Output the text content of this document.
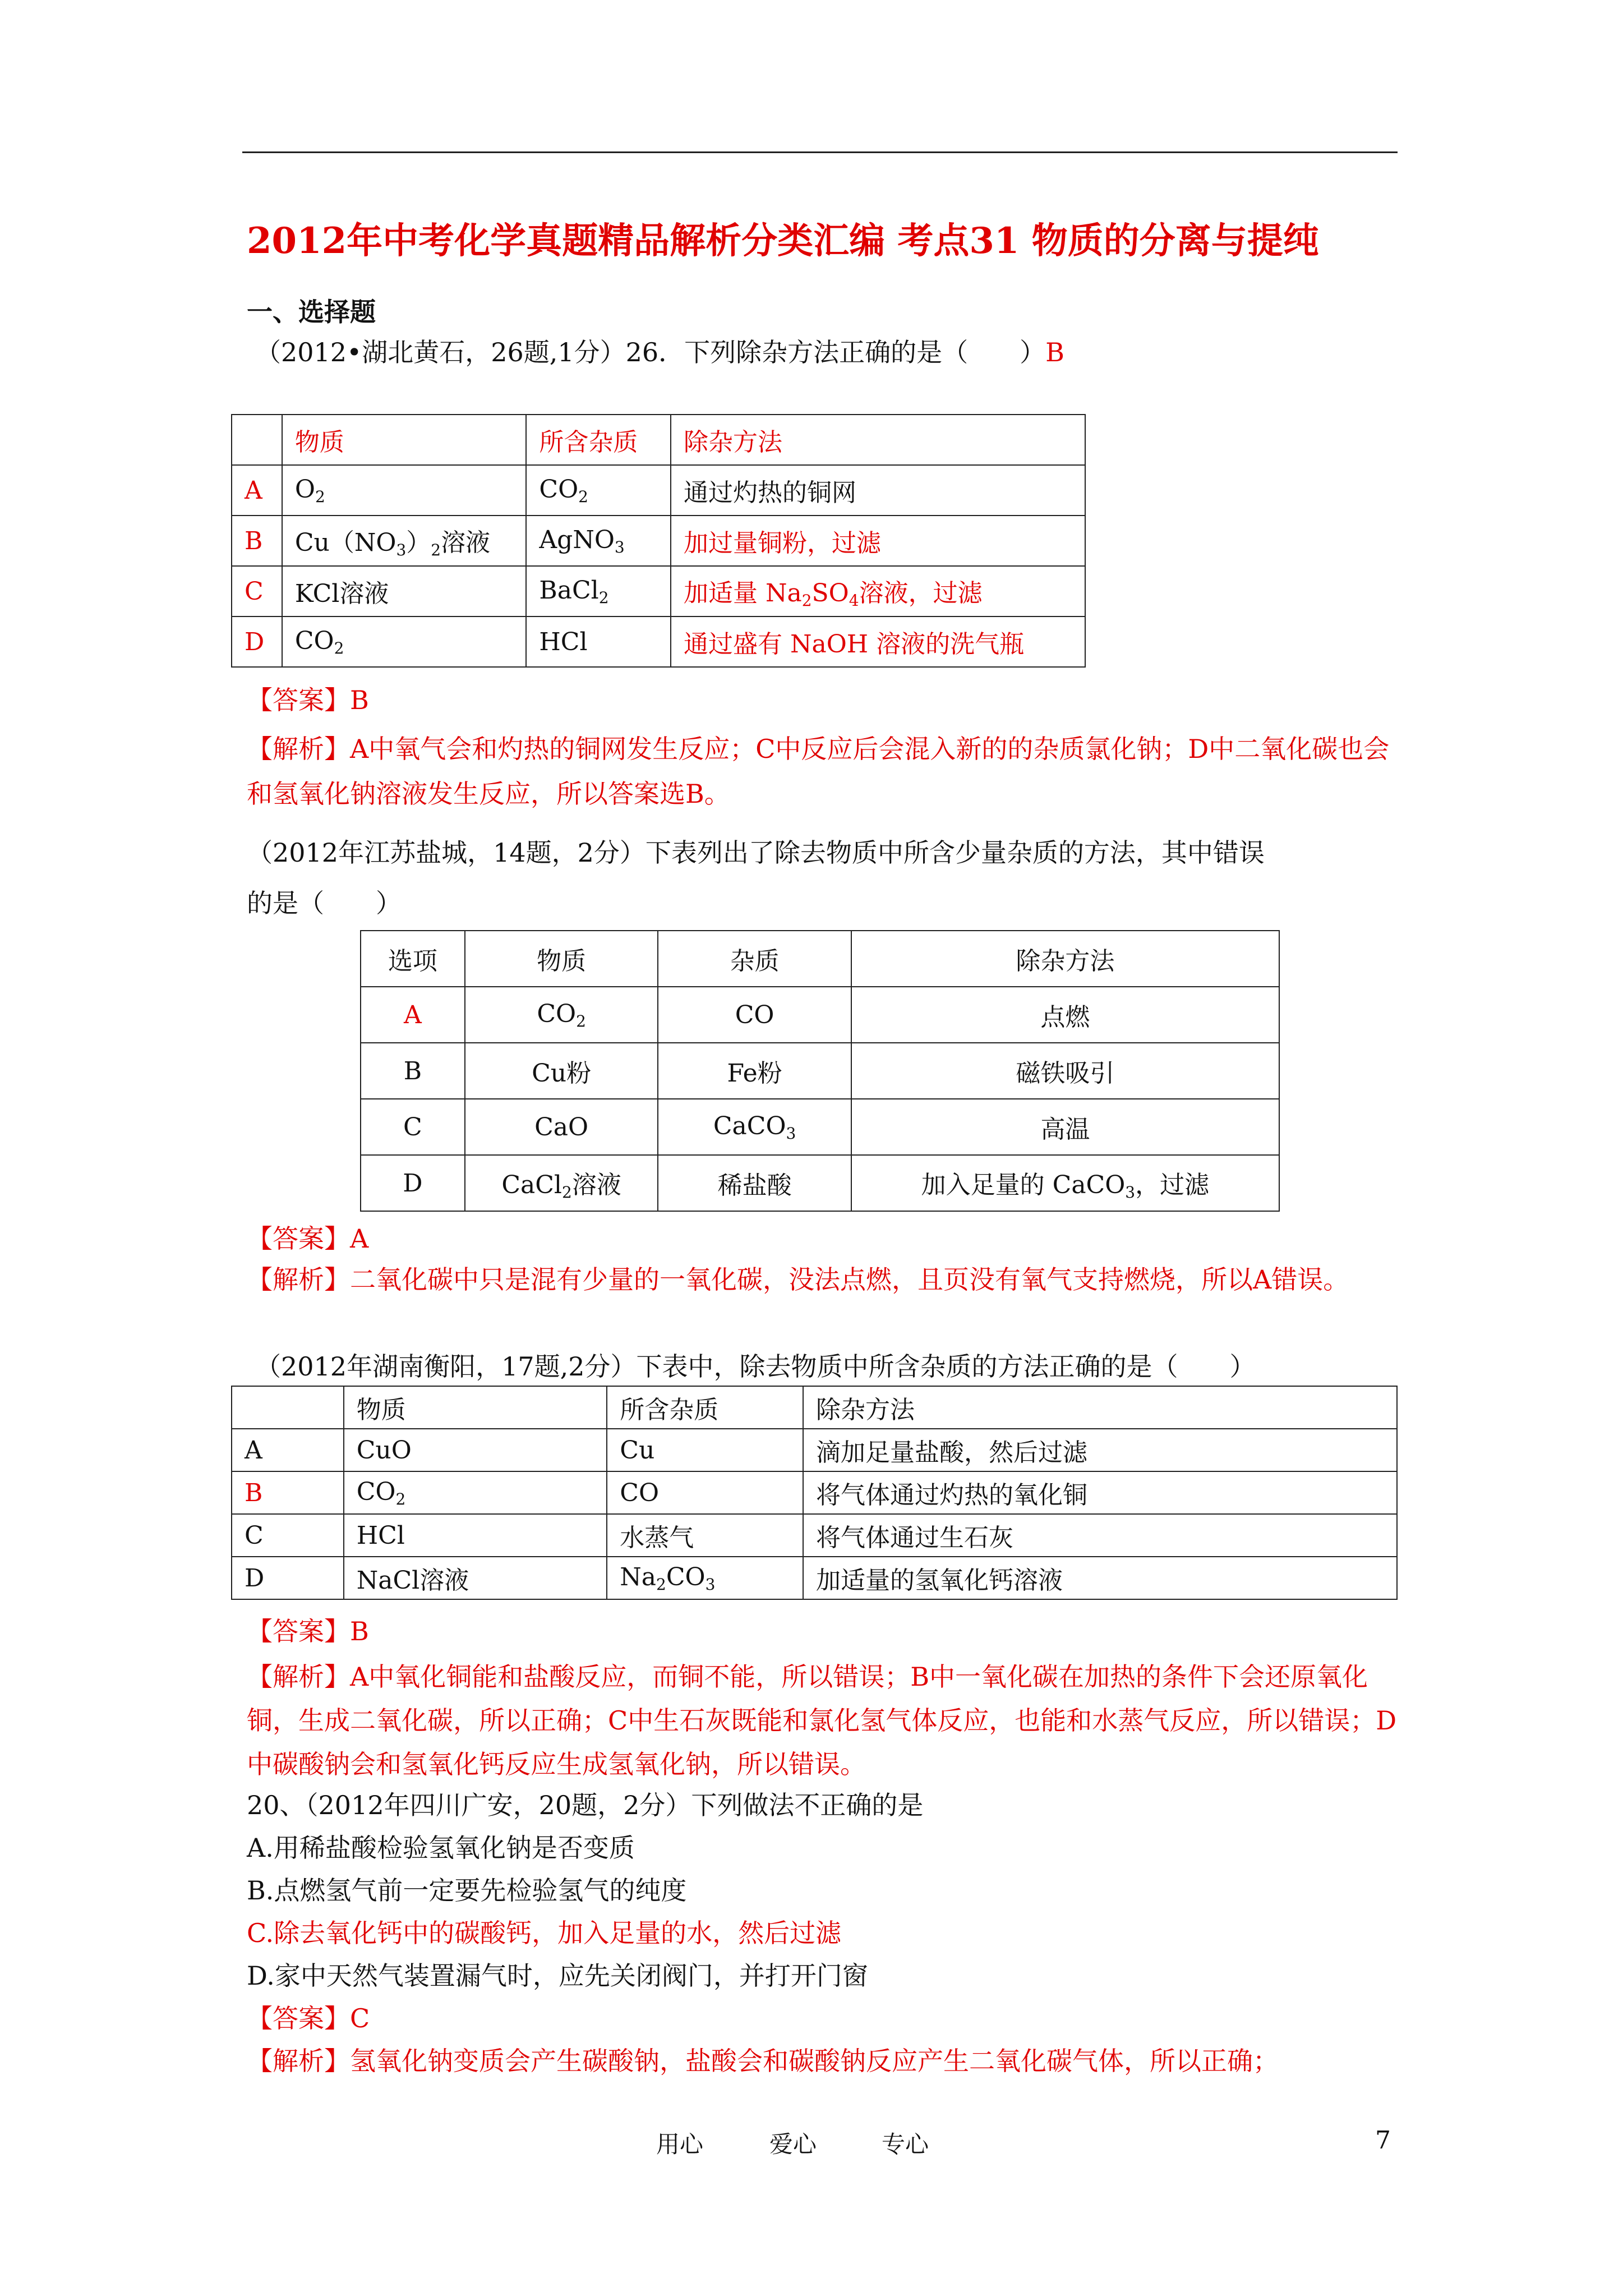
2012年中考化学真题精品解析分类汇编 考点31 物质的分离与提纯
一、选择题
（2012•湖北黄石，26题,1分）26．下列除杂方法正确的是（　　）B
	物质	所含杂质	除杂方法
A	$O_2$	$CO_2$	通过灼热的铜网
B	$Cu(NO_3)_2$溶液	AgNO$_3$	加过量铜粉，过滤
C	KCl溶液	BaCl$_2$	加适量 $Na_2SO_4$溶液，过滤
D	$CO_2$	HCl	通过盛有 NaOH 溶液的洗气瓶
【答案】B
【解析】A中氧气会和灼热的铜网发生反应；C中反应后会混入新的的杂质氯化钠；D中二氧化碳也会和氢氧化钠溶液发生反应，所以答案选B。
（2012年江苏盐城，14题，2分）下表列出了除去物质中所含少量杂质的方法，其中错误
的是（　　）
选项	物质	杂质	除杂方法
A	$CO_2$	CO	点燃
B	Cu粉	Fe粉	磁铁吸引
C	CaO	CaCO$_3$	高温
D	CaCl$_2$溶液	稀盐酸	加入足量的 CaCO$_3$，过滤
【答案】A
【解析】二氧化碳中只是混有少量的一氧化碳，没法点燃，且页没有氧气支持燃烧，所以A错误。
（2012年湖南衡阳，17题,2分）下表中，除去物质中所含杂质的方法正确的是（　　）
	物质	所含杂质	除杂方法
A	CuO	Cu	滴加足量盐酸，然后过滤
B	$CO_2$	CO	将气体通过灼热的氧化铜
C	HCl	水蒸气	将气体通过生石灰
D	NaCl溶液	$Na_2CO_3$	加适量的氢氧化钙溶液
【答案】B
【解析】A中氧化铜能和盐酸反应，而铜不能，所以错误；B中一氧化碳在加热的条件下会还原氧化铜，生成二氧化碳，所以正确；C中生石灰既能和氯化氢气体反应，也能和水蒸气反应，所以错误；D中碳酸钠会和氢氧化钙反应生成氢氧化钠，所以错误。
20、（2012年四川广安，20题，2分）下列做法不正确的是
A.用稀盐酸检验氢氧化钠是否变质
B.点燃氢气前一定要先检验氢气的纯度
C.除去氧化钙中的碳酸钙，加入足量的水，然后过滤
D.家中天然气装置漏气时，应先关闭阀门，并打开门窗
【答案】C
【解析】氢氧化钠变质会产生碳酸钠，盐酸会和碳酸钠反应产生二氧化碳气体，所以正确；
用心	爱心	专心	7
